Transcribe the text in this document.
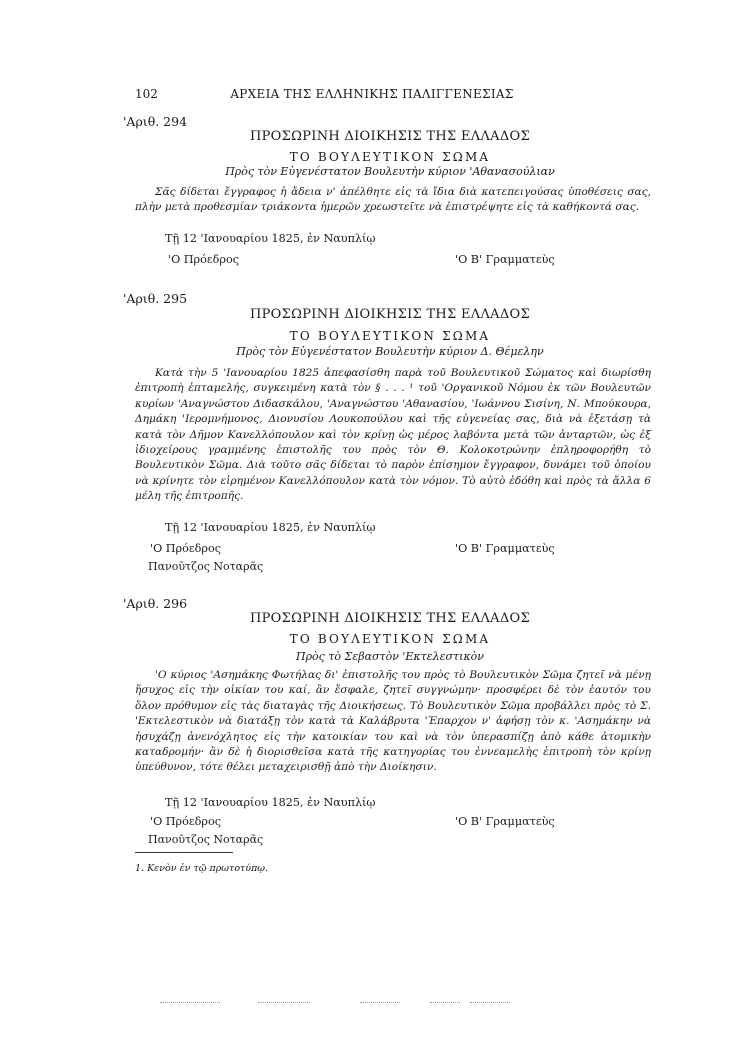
102	ΑΡΧΕΙΑ ΤΗΣ ΕΛΛΗΝΙΚΗΣ ΠΑΛΙΓΓΕΝΕΣΙΑΣ
'Αριθ. 294
ΠΡΟΣΩΡΙΝΗ ΔΙΟΙΚΗΣΙΣ ΤΗΣ ΕΛΛΑΔΟΣ
ΤΟ ΒΟΥΛΕΥΤΙΚΟΝ ΣΩΜΑ
Πρὸς τὸν Εὐγενέστατον Βουλευτὴν κύριον 'Αθανασούλιαν

Σᾶς δίδεται ἔγγραφος ἡ ἄδεια ν' ἀπέλθητε εἰς τὰ ἴδια διὰ κατεπειγούσας ὑποθέσεις σας, πλὴν μετὰ προθεσμίαν τριάκοντα ἡμερῶν χρεωστεῖτε νὰ ἐπιστρέψητε εἰς τὰ καθήκοντά σας.

Τῇ 12 'Ιανουαρίου 1825, ἐν Ναυπλίῳ
'Ο Πρόεδρος	'Ο Β' Γραμματεὺς
'Αριθ. 295
ΠΡΟΣΩΡΙΝΗ ΔΙΟΙΚΗΣΙΣ ΤΗΣ ΕΛΛΑΔΟΣ
ΤΟ ΒΟΥΛΕΥΤΙΚΟΝ ΣΩΜΑ
Πρὸς τὸν Εὐγενέστατον Βουλευτὴν κύριον Δ. Θέμελην

Κατὰ τὴν 5 'Ιανουαρίου 1825 ἀπεφασίσθη παρὰ τοῦ Βουλευτικοῦ Σώματος καὶ διωρίσθη ἐπιτροπὴ ἐπταμελής, συγκειμένη κατὰ τὸν § . . . ¹ τοῦ 'Οργανικοῦ Νόμου ἐκ τῶν Βουλευτῶν κυρίων 'Αναγνώστου Διδασκάλου, 'Αναγνώστου 'Αθανασίου, 'Ιωάννου Σισίνη, Ν. Μπούκουρα, Δημάκη 'Ιερομνήμονος, Διονυσίου Λουκοπούλου καὶ τῆς εὐγενείας σας, διὰ νὰ ἐξετάσῃ τὰ κατὰ τὸν Δῆμον Κανελλόπουλον καὶ τὸν κρίνῃ ὡς μέρος λαβόντα μετὰ τῶν ἀνταρτῶν, ὡς ἐξ ἰδιοχείρους γραμμένης ἐπιστολῆς του πρὸς τὸν Θ. Κολοκοτρώνην ἐπληροφορήθη τὸ Βουλευτικὸν Σῶμα. Διὰ τοῦτο σᾶς δίδεται τὸ παρὸν ἐπίσημον ἔγγραφον, δυνάμει τοῦ ὁποίου νὰ κρίνητε τὸν εἰρημένον Κανελλόπουλον κατὰ τὸν νόμον. Τὸ αὐτὸ ἐδόθη καὶ πρὸς τὰ ἄλλα 6 μέλη τῆς ἐπιτροπῆς.

Τῇ 12 'Ιανουαρίου 1825, ἐν Ναυπλίῳ
'Ο Πρόεδρος	'Ο Β' Γραμματεὺς
Πανοῦτζος Νοταρᾶς
'Αριθ. 296
ΠΡΟΣΩΡΙΝΗ ΔΙΟΙΚΗΣΙΣ ΤΗΣ ΕΛΛΑΔΟΣ
ΤΟ ΒΟΥΛΕΥΤΙΚΟΝ ΣΩΜΑ
Πρὸς τὸ Σεβαστὸν 'Εκτελεστικὸν

'Ο κύριος 'Ασημάκης Φωτήλας δι' ἐπιστολῆς του πρὸς τὸ Βουλευτικὸν Σῶμα ζητεῖ νὰ μένῃ ἥσυχος εἰς τὴν οἰκίαν του καί, ἂν ἔσφαλε, ζητεῖ συγγνώμην· προσφέρει δὲ τὸν ἑαυτόν του ὅλον πρόθυμον εἰς τὰς διαταγὰς τῆς Διοικήσεως. Τὸ Βουλευτικὸν Σῶμα προβάλλει πρὸς τὸ Σ. 'Εκτελεστικὸν νὰ διατάξῃ τὸν κατὰ τὰ Καλάβρυτα 'Έπαρχον ν' ἀφήσῃ τὸν κ. 'Ασημάκην νὰ ἡσυχάζῃ ἀνενόχλητος εἰς τὴν κατοικίαν του καὶ νὰ τὸν ὑπερασπίζῃ ἀπὸ κάθε ἀτομικὴν καταδρομήν· ἂν δὲ ἡ διορισθεῖσα κατὰ τῆς κατηγορίας του ἐννεαμελὴς ἐπιτροπὴ τὸν κρίνῃ ὑπεύθυνον, τότε θέλει μεταχειρισθῇ ἀπὸ τὴν Διοίκησιν.

Τῇ 12 'Ιανουαρίου 1825, ἐν Ναυπλίῳ
'Ο Πρόεδρος	'Ο Β' Γραμματεὺς
Πανοῦτζος Νοταρᾶς
1. Κενὸν ἐν τῷ πρωτοτύπῳ.
